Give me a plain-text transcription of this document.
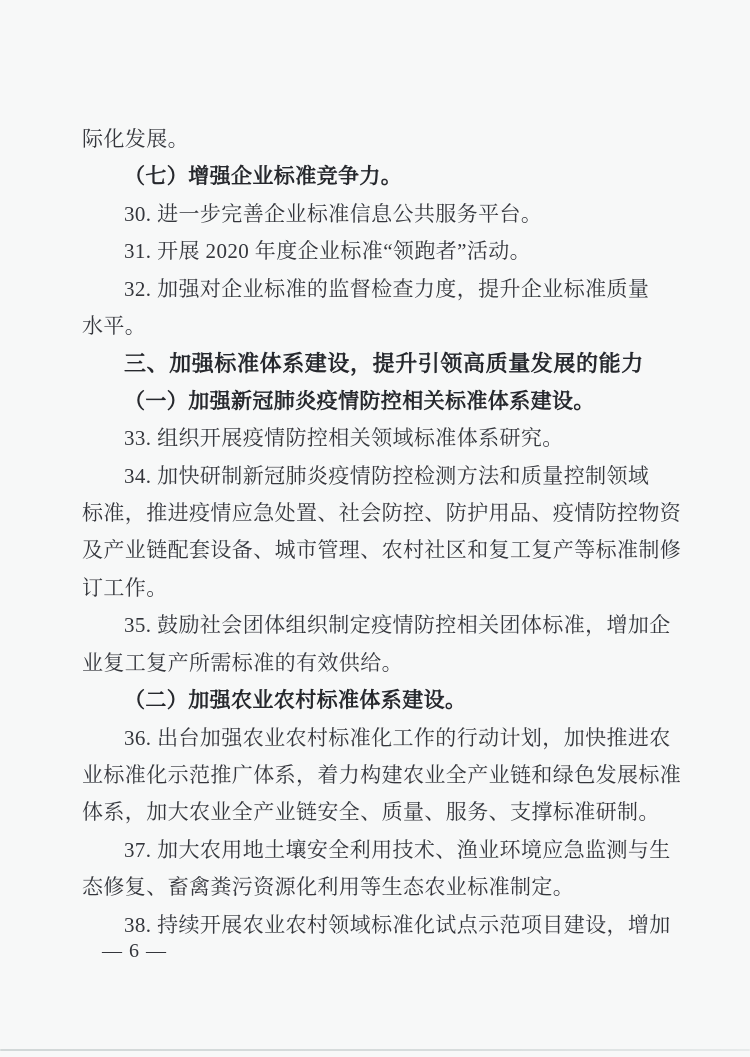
际化发展。

（七）增强企业标准竞争力。

30. 进一步完善企业标准信息公共服务平台。

31. 开展 2020 年度企业标准“领跑者”活动。

32. 加强对企业标准的监督检查力度，提升企业标准质量

水平。

三、加强标准体系建设，提升引领高质量发展的能力

（一）加强新冠肺炎疫情防控相关标准体系建设。

33. 组织开展疫情防控相关领域标准体系研究。

34. 加快研制新冠肺炎疫情防控检测方法和质量控制领域

标准，推进疫情应急处置、社会防控、防护用品、疫情防控物资

及产业链配套设备、城市管理、农村社区和复工复产等标准制修

订工作。

35. 鼓励社会团体组织制定疫情防控相关团体标准，增加企

业复工复产所需标准的有效供给。

（二）加强农业农村标准体系建设。

36. 出台加强农业农村标准化工作的行动计划，加快推进农

业标准化示范推广体系，着力构建农业全产业链和绿色发展标准

体系，加大农业全产业链安全、质量、服务、支撑标准研制。

37. 加大农用地土壤安全利用技术、渔业环境应急监测与生

态修复、畜禽粪污资源化利用等生态农业标准制定。

38. 持续开展农业农村领域标准化试点示范项目建设，增加

— 6 —
